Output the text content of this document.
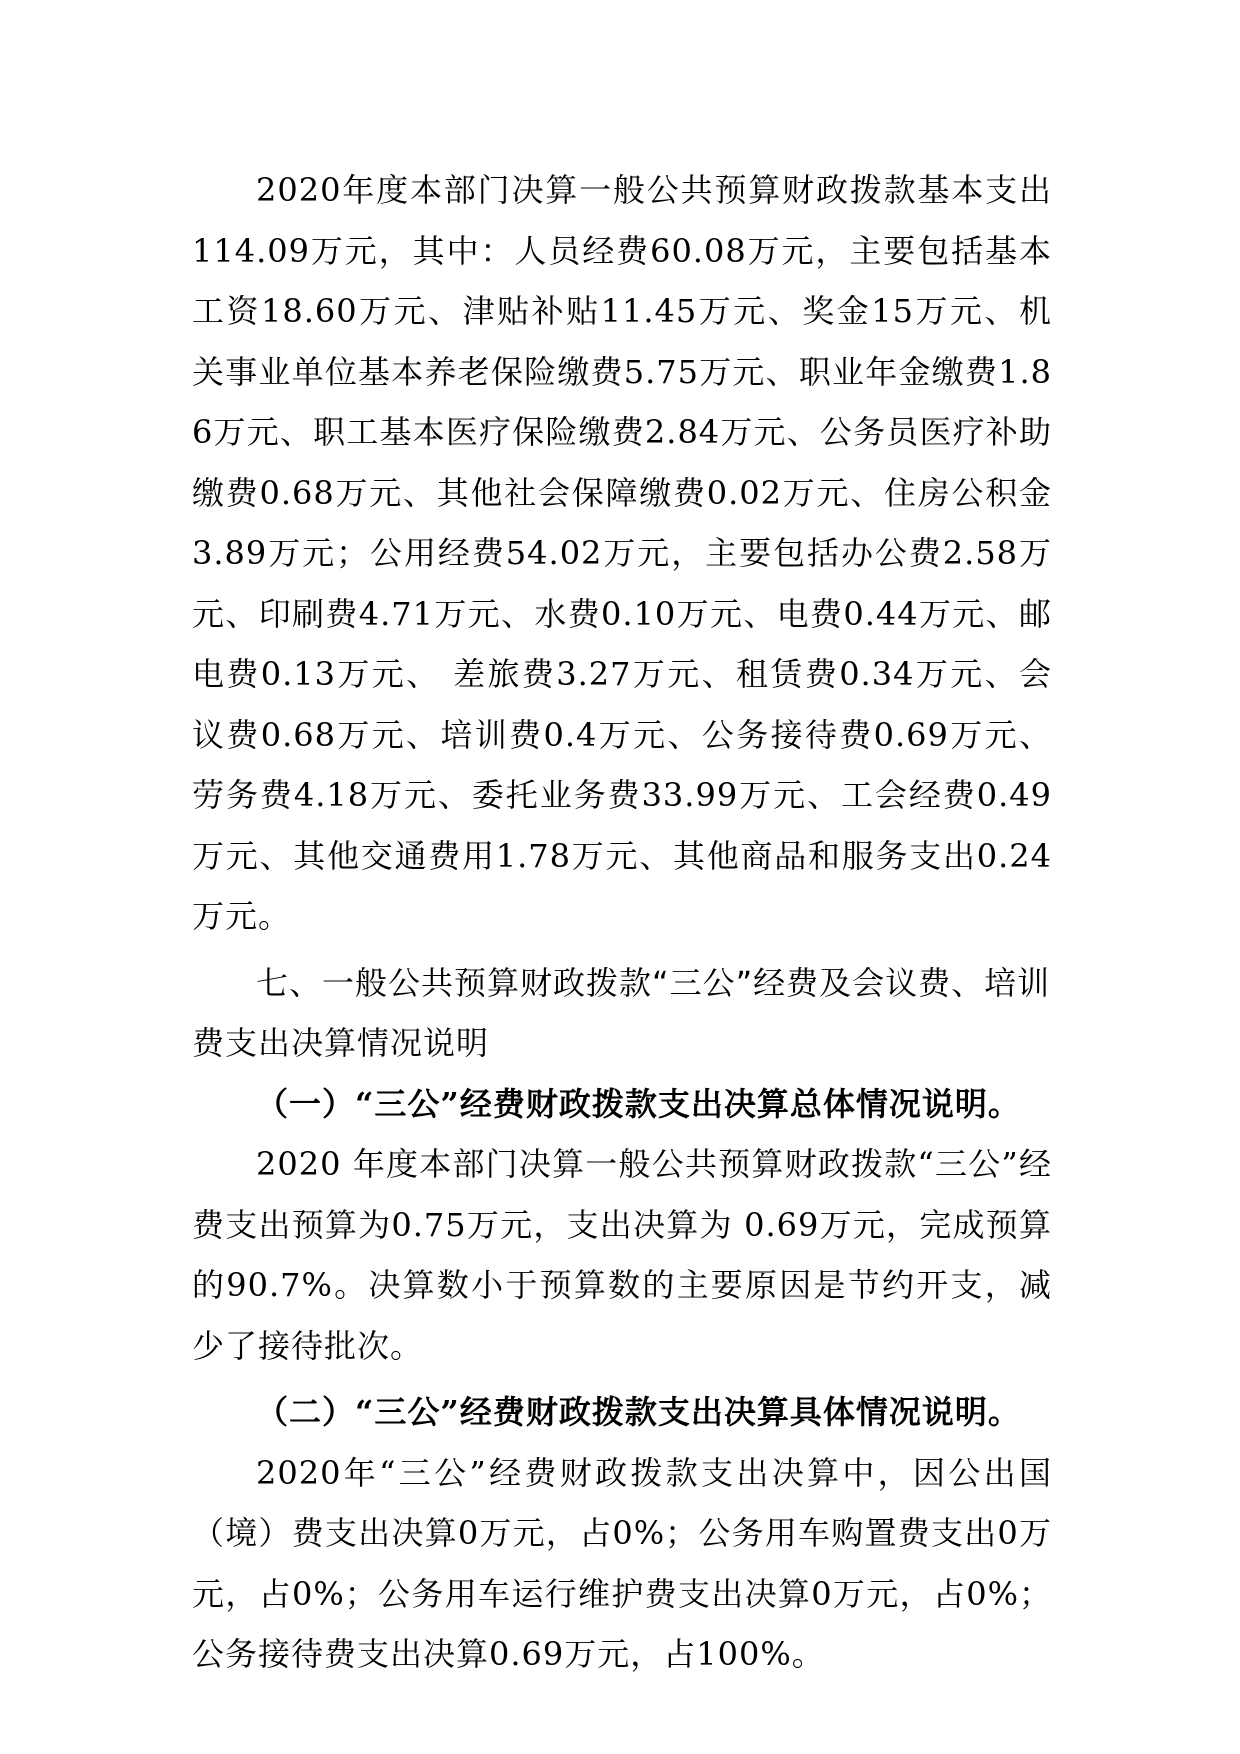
2020年度本部门决算一般公共预算财政拨款基本支出114.09万元，其中：人员经费60.08万元，主要包括基本工资18.60万元、津贴补贴11.45万元、奖金15万元、机关事业单位基本养老保险缴费5.75万元、职业年金缴费1.86万元、职工基本医疗保险缴费2.84万元、公务员医疗补助缴费0.68万元、其他社会保障缴费0.02万元、住房公积金3.89万元；公用经费54.02万元，主要包括办公费2.58万元、印刷费4.71万元、水费0.10万元、电费0.44万元、邮电费0.13万元、 差旅费3.27万元、租赁费0.34万元、会议费0.68万元、培训费0.4万元、公务接待费0.69万元、劳务费4.18万元、委托业务费33.99万元、工会经费0.49万元、其他交通费用1.78万元、其他商品和服务支出0.24万元。

七、一般公共预算财政拨款“三公”经费及会议费、培训费支出决算情况说明

（一）“三公”经费财政拨款支出决算总体情况说明。

2020 年度本部门决算一般公共预算财政拨款“三公”经费支出预算为0.75万元，支出决算为 0.69万元，完成预算的90.7%。决算数小于预算数的主要原因是节约开支，减少了接待批次。

（二）“三公”经费财政拨款支出决算具体情况说明。

2020年“三公”经费财政拨款支出决算中，因公出国（境）费支出决算0万元，占0%；公务用车购置费支出0万元，占0%；公务用车运行维护费支出决算0万元，占0%；公务接待费支出决算0.69万元，占100%。
